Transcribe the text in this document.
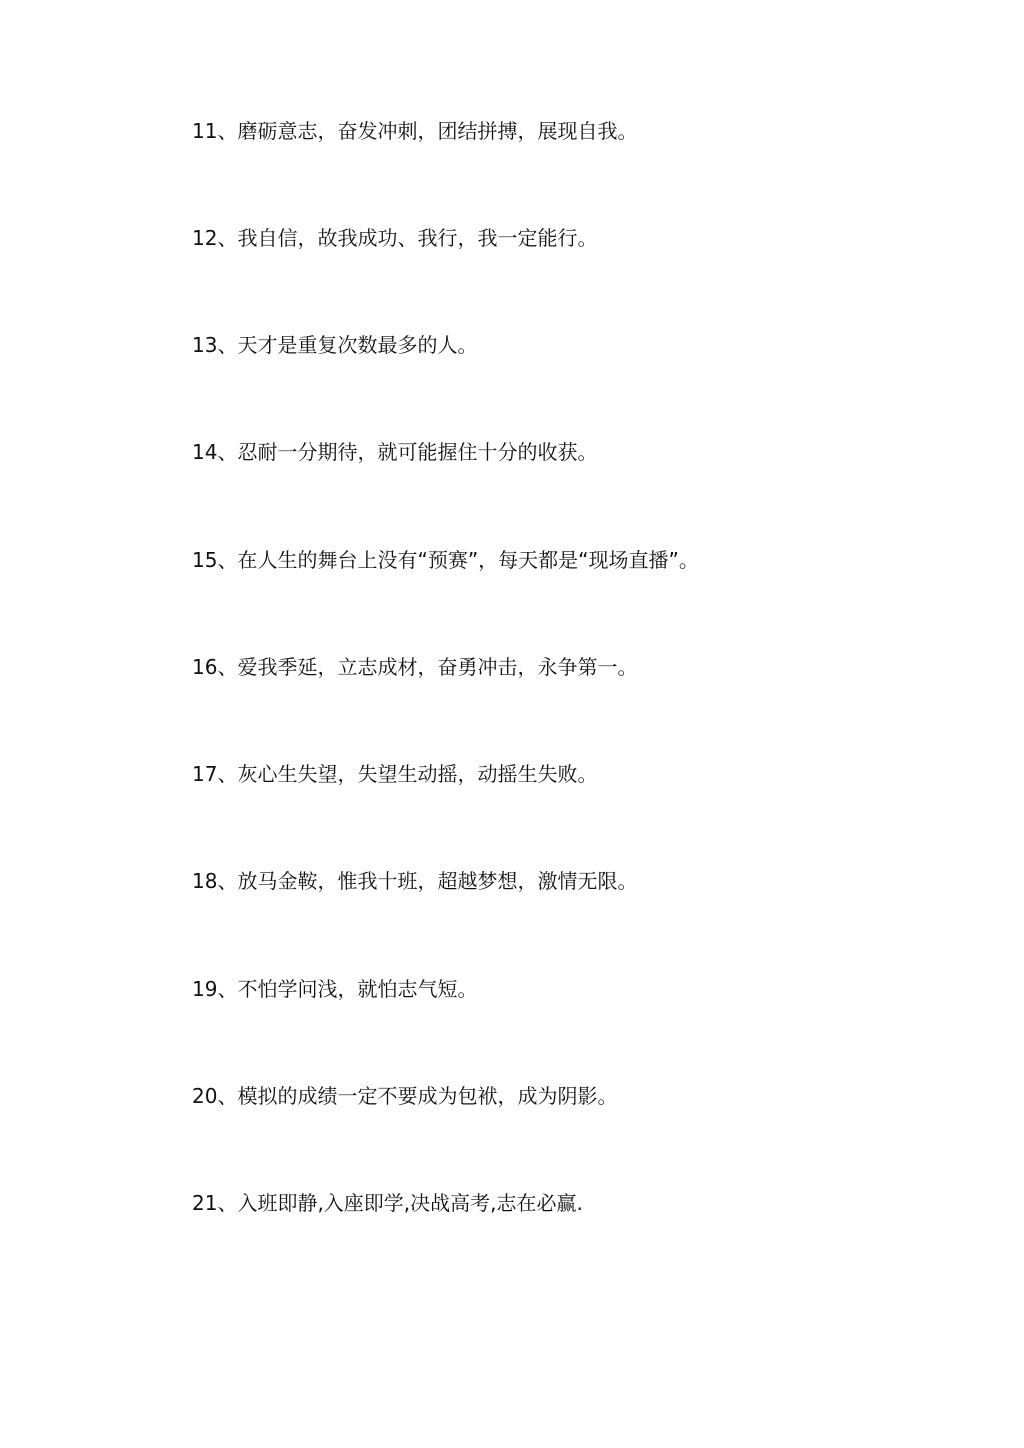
11、磨砺意志，奋发冲刺，团结拼搏，展现自我。
12、我自信，故我成功、我行，我一定能行。
13、天才是重复次数最多的人。
14、忍耐一分期待，就可能握住十分的收获。
15、在人生的舞台上没有“预赛”，每天都是“现场直播”。
16、爱我季延，立志成材，奋勇冲击，永争第一。
17、灰心生失望，失望生动摇，动摇生失败。
18、放马金鞍，惟我十班，超越梦想，激情无限。
19、不怕学问浅，就怕志气短。
20、模拟的成绩一定不要成为包袱，成为阴影。
21、入班即静,入座即学,决战高考,志在必赢.
